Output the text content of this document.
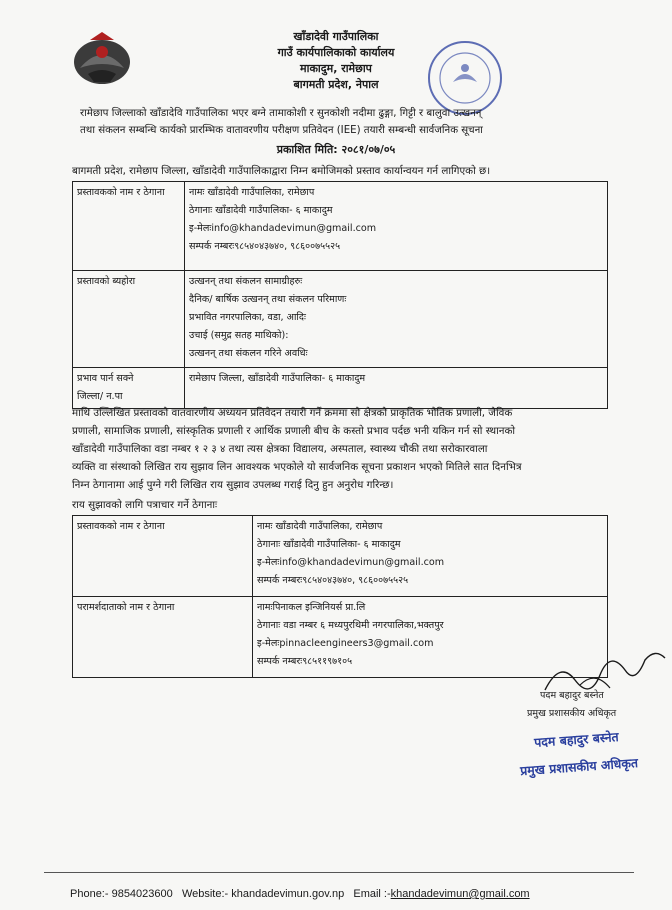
खाँडादेवी गाउँपालिका
गाउँ कार्यपालिकाको कार्यालय
माकादुम, रामेछाप
बागमती प्रदेश, नेपाल
रामेछाप जिल्लाको खाँडादेवि गाउँपालिका भएर बग्ने तामाकोशी र सुनकोशी नदीमा ढुङ्गा, गिट्टी र बालुवा उत्खनन्
तथा संकलन सम्बन्धि कार्यको प्रारम्भिक वातावरणीय परीक्षण प्रतिवेदन (IEE) तयारी सम्बन्धी सार्वजनिक सूचना
प्रकाशित मिति: २०८१/०७/०५
बागमती प्रदेश, रामेछाप जिल्ला, खाँडादेवी गाउँपालिकाद्वारा निम्न बमोजिमको प्रस्ताव कार्यान्वयन गर्न लागिएको छ।
प्रस्तावकको नाम र ठेगाना	नामः खाँडादेवी गाउँपालिका, रामेछाप
ठेगानाः खाँडादेवी गाउँपालिका- ६ माकादुम
इ-मेलःinfo@khandadevimun@gmail.com
सम्पर्क नम्बरः९८५४०४३७४०, ९८६००७५५२५

प्रस्तावको ब्यहोरा	उत्खनन् तथा संकलन सामाग्रीहरुः
दैनिक/ बार्षिक उत्खनन् तथा संकलन परिमाणः
प्रभावित नगरपालिका, वडा, आदिः
उचाई (समुद्र सतह माथिको):
उत्खनन् तथा संकलन गरिने अवधिः

प्रभाव पार्न सक्ने
जिल्ला/ न.पा	रामेछाप जिल्ला, खाँडादेवी गाउँपालिका- ६ माकादुम
माथि उल्लिखित प्रस्तावको वातवारणीय अध्ययन प्रतिवेदन तयारी गर्ने क्रममा सो क्षेत्रको प्राकृतिक भौतिक प्रणाली, जैविक
प्रणाली, सामाजिक प्रणाली, सांस्कृतिक प्रणाली र आर्थिक प्रणाली बीच के कस्तो प्रभाव पर्दछ भनी यकिन गर्न सो स्थानको
खाँडादेवी गाउँपालिका वडा नम्बर १ २ ३ ४ तथा त्यस क्षेत्रका विद्यालय, अस्पताल, स्वास्थ्य चौकी तथा सरोकारवाला
व्यक्ति वा संस्थाको लिखित राय सुझाव लिन आवश्यक भएकोले यो सार्वजनिक सूचना प्रकाशन भएको मितिले सात दिनभित्र
निम्न ठेगानामा आई पुग्ने गरी लिखित राय सुझाव उपलब्ध गराई दिनु हुन अनुरोध गरिन्छ।
राय सुझावको लागि पत्राचार गर्ने ठेगानाः
प्रस्तावकको नाम र ठेगाना	नामः खाँडादेवी गाउँपालिका, रामेछाप
ठेगानाः खाँडादेवी गाउँपालिका- ६ माकादुम
इ-मेलःinfo@khandadevimun@gmail.com
सम्पर्क नम्बरः९८५४०४३७४०, ९८६००७५५२५

परामर्शदाताको नाम र ठेगाना	नामःपिनाकल इन्जिनियर्स प्रा.लि
ठेगानाः वडा नम्बर ६ मध्यपुरथिमी नगरपालिका,भक्तपुर
इ-मेलःpinnacleengineers3@gmail.com
सम्पर्क नम्बरः९८५११९७१०५
पदम बहादुर बस्नेत
प्रमुख प्रशासकीय अधिकृत
पदम बहादुर बस्नेत
प्रमुख प्रशासकीय अधिकृत
Phone:- 9854023600 Website:- khandadevimun.gov.np Email :-khandadevimun@gmail.com
